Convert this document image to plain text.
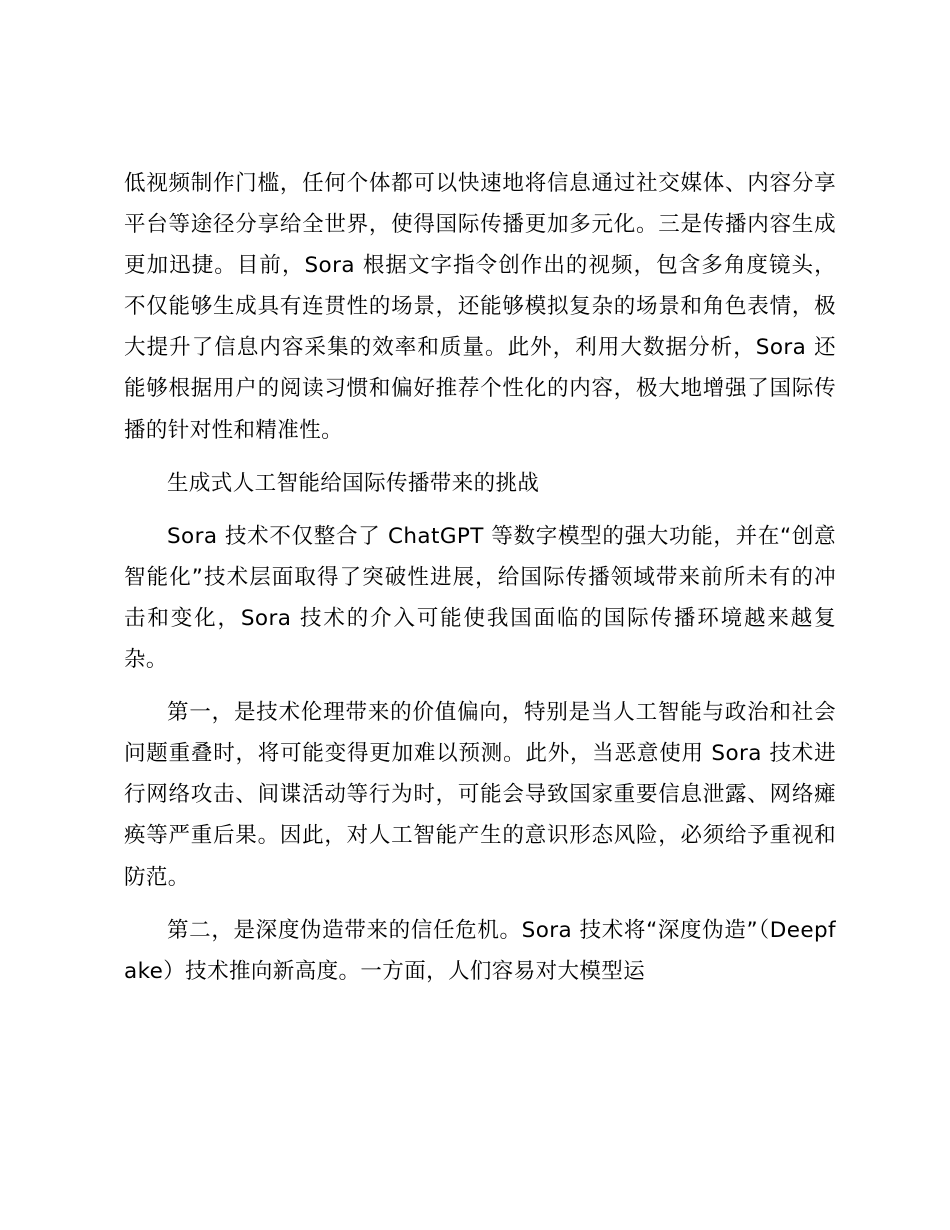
低视频制作门槛，任何个体都可以快速地将信息通过社交媒体、内容分享平台等途径分享给全世界，使得国际传播更加多元化。三是传播内容生成更加迅捷。目前，Sora 根据文字指令创作出的视频，包含多角度镜头，不仅能够生成具有连贯性的场景，还能够模拟复杂的场景和角色表情，极大提升了信息内容采集的效率和质量。此外，利用大数据分析，Sora 还能够根据用户的阅读习惯和偏好推荐个性化的内容，极大地增强了国际传播的针对性和精准性。

生成式人工智能给国际传播带来的挑战

Sora 技术不仅整合了 ChatGPT 等数字模型的强大功能，并在“创意智能化”技术层面取得了突破性进展，给国际传播领域带来前所未有的冲击和变化，Sora 技术的介入可能使我国面临的国际传播环境越来越复杂。

第一，是技术伦理带来的价值偏向，特别是当人工智能与政治和社会问题重叠时，将可能变得更加难以预测。此外，当恶意使用 Sora 技术进行网络攻击、间谍活动等行为时，可能会导致国家重要信息泄露、网络瘫痪等严重后果。因此，对人工智能产生的意识形态风险，必须给予重视和防范。

第二，是深度伪造带来的信任危机。Sora 技术将“深度伪造”（Deepfake）技术推向新高度。一方面，人们容易对大模型运
